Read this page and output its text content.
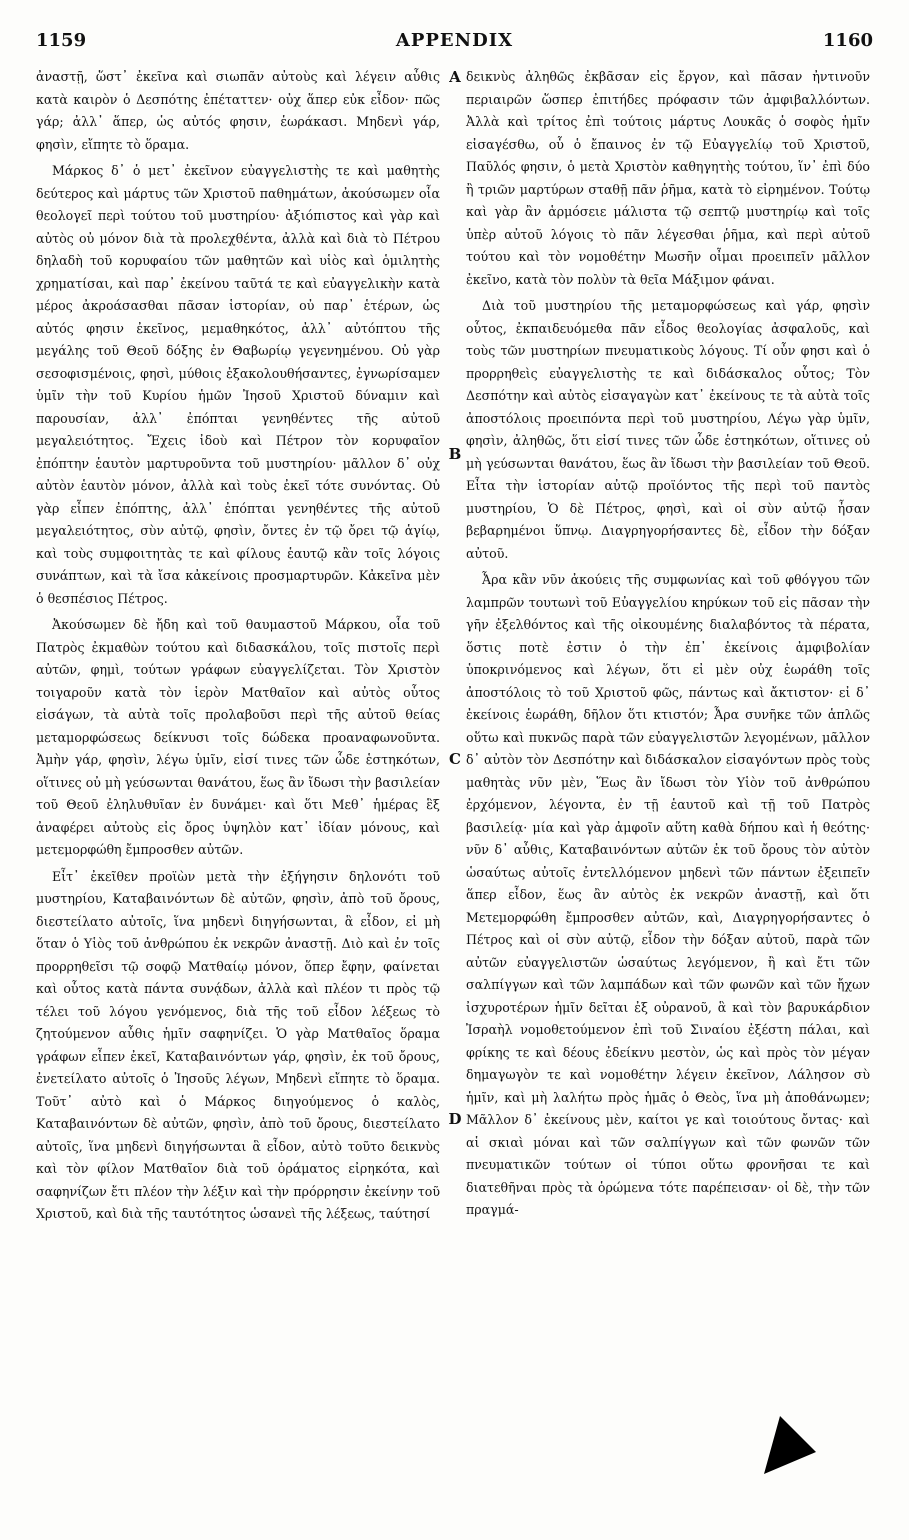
1159	APPENDIX	1160

ἀναστῇ, ὥστ᾽ ἐκεῖνα καὶ σιωπᾶν αὐτοὺς καὶ λέγειν αὖθις κατὰ καιρὸν ὁ Δεσπότης ἐπέταττεν· οὐχ ἅπερ εὐκ εἶδον· πῶς γάρ; ἀλλ᾽ ἅπερ, ὡς αὐτός φησιν, ἑωράκασι. Μηδενὶ γάρ, φησὶν, εἴπητε τὸ ὅραμα.

Μάρκος δ᾽ ὁ μετ᾽ ἐκεῖνον εὐαγγελιστὴς τε καὶ μαθητὴς δεύτερος καὶ μάρτυς τῶν Χριστοῦ παθημάτων, ἀκούσωμεν οἷα θεολογεῖ περὶ τούτου τοῦ μυστηρίου· ἀξιόπιστος καὶ γὰρ καὶ αὐτὸς οὐ μόνον διὰ τὰ προλεχθέντα, ἀλλὰ καὶ διὰ τὸ Πέτρου δηλαδὴ τοῦ κορυφαίου τῶν μαθητῶν καὶ υἱὸς καὶ ὁμιλητὴς χρηματίσαι, καὶ παρ᾽ ἐκείνου ταῦτά τε καὶ εὐαγγελικὴν κατὰ μέρος ἀκροάσασθαι πᾶσαν ἱστορίαν, οὐ παρ᾽ ἑτέρων, ὡς αὐτός φησιν ἐκεῖνος, μεμαθηκότος, ἀλλ᾽ αὐτόπτου τῆς μεγάλης τοῦ Θεοῦ δόξης ἐν Θαβωρίῳ γεγενημένου. Οὐ γὰρ σεσοφισμένοις, φησὶ, μύθοις ἐξακολουθήσαντες, ἐγνωρίσαμεν ὑμῖν τὴν τοῦ Κυρίου ἡμῶν Ἰησοῦ Χριστοῦ δύναμιν καὶ παρουσίαν, ἀλλ᾽ ἐπόπται γενηθέντες τῆς αὐτοῦ μεγαλειότητος. Ἔχεις ἰδοὺ καὶ Πέτρον τὸν κορυφαῖον ἐπόπτην ἑαυτὸν μαρτυροῦντα τοῦ μυστηρίου· μᾶλλον δ᾽ οὐχ αὐτὸν ἑαυτὸν μόνον, ἀλλὰ καὶ τοὺς ἐκεῖ τότε συνόντας. Οὐ γὰρ εἶπεν ἐπόπτης, ἀλλ᾽ ἐπόπται γενηθέντες τῆς αὐτοῦ μεγαλειότητος, σὺν αὐτῷ, φησὶν, ὄντες ἐν τῷ ὄρει τῷ ἁγίῳ, καὶ τοὺς συμφοιτητὰς τε καὶ φίλους ἑαυτῷ κἂν τοῖς λόγοις συνάπτων, καὶ τὰ ἴσα κἀκείνοις προσμαρτυρῶν. Κἀκεῖνα μὲν ὁ θεσπέσιος Πέτρος.

Ἀκούσωμεν δὲ ἤδη καὶ τοῦ θαυμαστοῦ Μάρκου, οἷα τοῦ Πατρὸς ἐκμαθὼν τούτου καὶ διδασκάλου, τοῖς πιστοῖς περὶ αὐτῶν, φημὶ, τούτων γράφων εὐαγγελίζεται. Τὸν Χριστὸν τοιγαροῦν κατὰ τὸν ἱερὸν Ματθαῖον καὶ αὐτὸς οὗτος εἰσάγων, τὰ αὐτὰ τοῖς προλαβοῦσι περὶ τῆς αὐτοῦ θείας μεταμορφώσεως δείκνυσι τοῖς δώδεκα προαναφωνοῦντα. Ἀμὴν γάρ, φησὶν, λέγω ὑμῖν, εἰσί τινες τῶν ὧδε ἑστηκότων, οἵτινες οὐ μὴ γεύσωνται θανάτου, ἕως ἂν ἴδωσι τὴν βασιλείαν τοῦ Θεοῦ ἐληλυθυῖαν ἐν δυνάμει· καὶ ὅτι Μεθ᾽ ἡμέρας ἓξ ἀναφέρει αὐτοὺς εἰς ὄρος ὑψηλὸν κατ᾽ ἰδίαν μόνους, καὶ μετεμορφώθη ἔμπροσθεν αὐτῶν.

Εἶτ᾽ ἐκεῖθεν προϊὼν μετὰ τὴν ἐξήγησιν δηλονότι τοῦ μυστηρίου, Καταβαινόντων δὲ αὐτῶν, φησὶν, ἀπὸ τοῦ ὄρους, διεστείλατο αὐτοῖς, ἵνα μηδενὶ διηγήσωνται, ἃ εἶδον, εἰ μὴ ὅταν ὁ Υἱὸς τοῦ ἀνθρώπου ἐκ νεκρῶν ἀναστῇ. Διὸ καὶ ἐν τοῖς προρρηθεῖσι τῷ σοφῷ Ματθαίῳ μόνον, ὅπερ ἔφην, φαίνεται καὶ οὗτος κατὰ πάντα συνᾴδων, ἀλλὰ καὶ πλέον τι πρὸς τῷ τέλει τοῦ λόγου γενόμενος, διὰ τῆς τοῦ εἶδον λέξεως τὸ ζητούμενον αὖθις ἡμῖν σαφηνίζει. Ὁ γὰρ Ματθαῖος ὅραμα γράφων εἶπεν ἐκεῖ, Καταβαινόντων γάρ, φησὶν, ἐκ τοῦ ὄρους, ἐνετείλατο αὐτοῖς ὁ Ἰησοῦς λέγων, Μηδενὶ εἴπητε τὸ ὅραμα. Τοῦτ᾽ αὐτὸ καὶ ὁ Μάρκος διηγούμενος ὁ καλὸς, Καταβαινόντων δὲ αὐτῶν, φησὶν, ἀπὸ τοῦ ὄρους, διεστείλατο αὐτοῖς, ἵνα μηδενὶ διηγήσωνται ἃ εἶδον, αὐτὸ τοῦτο δεικνὺς καὶ τὸν φίλον Ματθαῖον διὰ τοῦ ὁράματος εἰρηκότα, καὶ σαφηνίζων ἔτι πλέον τὴν λέξιν καὶ τὴν πρόρρησιν ἐκείνην τοῦ Χριστοῦ, καὶ διὰ τῆς ταυτότητος ὡσανεὶ τῆς λέξεως, ταύτησί

A
B
C
D

δεικνὺς ἀληθῶς ἐκβᾶσαν εἰς ἔργον, καὶ πᾶσαν ἠντινοῦν περιαιρῶν ὥσπερ ἐπιτήδες πρόφασιν τῶν ἀμφιβαλλόντων. Ἀλλὰ καὶ τρίτος ἐπὶ τούτοις μάρτυς Λουκᾶς ὁ σοφὸς ἡμῖν εἰσαγέσθω, οὗ ὁ ἔπαινος ἐν τῷ Εὐαγγελίῳ τοῦ Χριστοῦ, Παῦλός φησιν, ὁ μετὰ Χριστὸν καθηγητὴς τούτου, ἵν᾽ ἐπὶ δύο ἢ τριῶν μαρτύρων σταθῇ πᾶν ῥῆμα, κατὰ τὸ εἰρημένον. Τούτῳ καὶ γὰρ ἂν ἁρμόσειε μάλιστα τῷ σεπτῷ μυστηρίῳ καὶ τοῖς ὑπὲρ αὐτοῦ λόγοις τὸ πᾶν λέγεσθαι ῥῆμα, καὶ περὶ αὐτοῦ τούτου καὶ τὸν νομοθέτην Μωσῆν οἶμαι προειπεῖν μᾶλλον ἐκεῖνο, κατὰ τὸν πολὺν τὰ θεῖα Μάξιμον φάναι.

Διὰ τοῦ μυστηρίου τῆς μεταμορφώσεως καὶ γάρ, φησὶν οὗτος, ἐκπαιδευόμεθα πᾶν εἶδος θεολογίας ἀσφαλοῦς, καὶ τοὺς τῶν μυστηρίων πνευματικοὺς λόγους. Τί οὖν φησι καὶ ὁ προρρηθεὶς εὐαγγελιστὴς τε καὶ διδάσκαλος οὗτος; Τὸν Δεσπότην καὶ αὐτὸς εἰσαγαγὼν κατ᾽ ἐκείνους τε τὰ αὐτὰ τοῖς ἀποστόλοις προειπόντα περὶ τοῦ μυστηρίου, Λέγω γὰρ ὑμῖν, φησὶν, ἀληθῶς, ὅτι εἰσί τινες τῶν ὧδε ἑστηκότων, οἵτινες οὐ μὴ γεύσωνται θανάτου, ἕως ἂν ἴδωσι τὴν βασιλείαν τοῦ Θεοῦ. Εἶτα τὴν ἱστορίαν αὐτῷ προϊόντος τῆς περὶ τοῦ παντὸς μυστηρίου, Ὁ δὲ Πέτρος, φησὶ, καὶ οἱ σὺν αὐτῷ ἦσαν βεβαρημένοι ὕπνῳ. Διαγρηγορήσαντες δὲ, εἶδον τὴν δόξαν αὐτοῦ.

Ἆρα κἂν νῦν ἀκούεις τῆς συμφωνίας καὶ τοῦ φθόγγου τῶν λαμπρῶν τουτωνὶ τοῦ Εὐαγγελίου κηρύκων τοῦ εἰς πᾶσαν τὴν γῆν ἐξελθόντος καὶ τῆς οἰκουμένης διαλαβόντος τὰ πέρατα, ὅστις ποτὲ ἐστιν ὁ τὴν ἐπ᾽ ἐκείνοις ἀμφιβολίαν ὑποκρινόμενος καὶ λέγων, ὅτι εἰ μὲν οὐχ ἑωράθη τοῖς ἀποστόλοις τὸ τοῦ Χριστοῦ φῶς, πάντως καὶ ἄκτιστον· εἰ δ᾽ ἐκείνοις ἑωράθη, δῆλον ὅτι κτιστόν; Ἆρα συνῆκε τῶν ἁπλῶς οὕτω καὶ πυκνῶς παρὰ τῶν εὐαγγελιστῶν λεγομένων, μᾶλλον δ᾽ αὐτὸν τὸν Δεσπότην καὶ διδάσκαλον εἰσαγόντων πρὸς τοὺς μαθητὰς νῦν μὲν, Ἕως ἂν ἴδωσι τὸν Υἱὸν τοῦ ἀνθρώπου ἐρχόμενον, λέγοντα, ἐν τῇ ἑαυτοῦ καὶ τῇ τοῦ Πατρὸς βασιλείᾳ· μία καὶ γὰρ ἀμφοῖν αὕτη καθὰ δήπου καὶ ἡ θεότης· νῦν δ᾽ αὖθις, Καταβαινόντων αὐτῶν ἐκ τοῦ ὄρους τὸν αὐτὸν ὡσαύτως αὐτοῖς ἐντελλόμενον μηδενὶ τῶν πάντων ἐξειπεῖν ἅπερ εἶδον, ἕως ἂν αὐτὸς ἐκ νεκρῶν ἀναστῇ, καὶ ὅτι Μετεμορφώθη ἔμπροσθεν αὐτῶν, καὶ, Διαγρηγορήσαντες ὁ Πέτρος καὶ οἱ σὺν αὐτῷ, εἶδον τὴν δόξαν αὐτοῦ, παρὰ τῶν αὐτῶν εὐαγγελιστῶν ὡσαύτως λεγόμενον, ἢ καὶ ἔτι τῶν σαλπίγγων καὶ τῶν λαμπάδων καὶ τῶν φωνῶν καὶ τῶν ἤχων ἰσχυροτέρων ἡμῖν δεῖται ἐξ οὐρανοῦ, ἃ καὶ τὸν βαρυκάρδιον Ἰσραὴλ νομοθετούμενον ἐπὶ τοῦ Σιναίου ἐξέστη πάλαι, καὶ φρίκης τε καὶ δέους ἐδείκνυ μεστὸν, ὡς καὶ πρὸς τὸν μέγαν δημαγωγὸν τε καὶ νομοθέτην λέγειν ἐκεῖνον, Λάλησον σὺ ἡμῖν, καὶ μὴ λαλήτω πρὸς ἡμᾶς ὁ Θεὸς, ἵνα μὴ ἀποθάνωμεν; Μᾶλλον δ᾽ ἐκείνους μὲν, καίτοι γε καὶ τοιούτους ὄντας· καὶ αἱ σκιαὶ μόναι καὶ τῶν σαλπίγγων καὶ τῶν φωνῶν τῶν πνευματικῶν τούτων οἱ τύποι οὕτω φρονῆσαι τε καὶ διατεθῆναι πρὸς τὰ ὁρώμενα τότε παρέπεισαν· οἱ δὲ, τὴν τῶν πραγμά-
